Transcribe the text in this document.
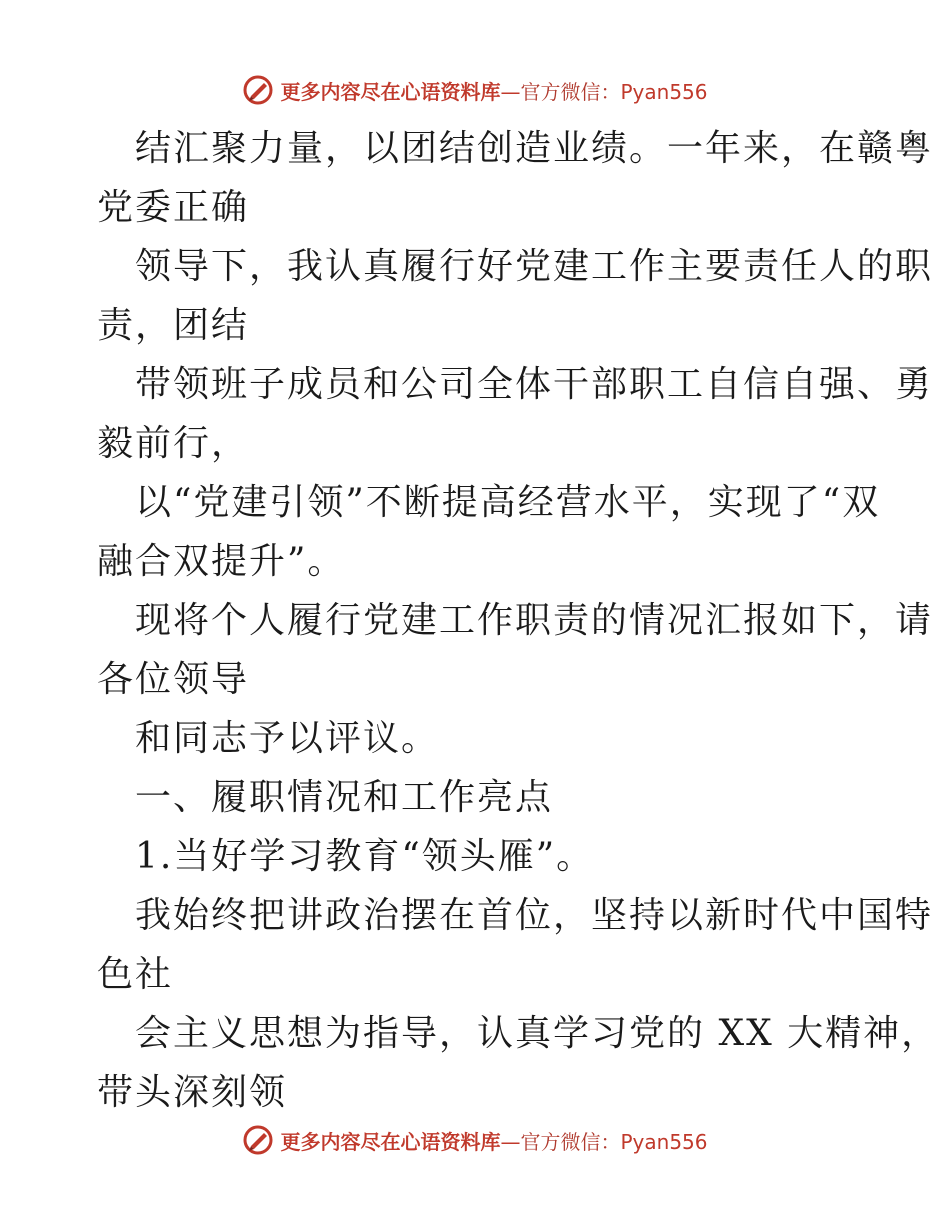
更多内容尽在心语资料库—官方微信：Pyan556
结汇聚力量，以团结创造业绩。一年来，在赣粤
党委正确
领导下，我认真履行好党建工作主要责任人的职
责，团结
带领班子成员和公司全体干部职工自信自强、勇
毅前行，
以“党建引领”不断提高经营水平，实现了“双
融合双提升”。
现将个人履行党建工作职责的情况汇报如下，请
各位领导
和同志予以评议。
一、履职情况和工作亮点
1.当好学习教育“领头雁”。
我始终把讲政治摆在首位，坚持以新时代中国特
色社
会主义思想为指导，认真学习党的 XX 大精神，
带头深刻领
更多内容尽在心语资料库—官方微信：Pyan556
